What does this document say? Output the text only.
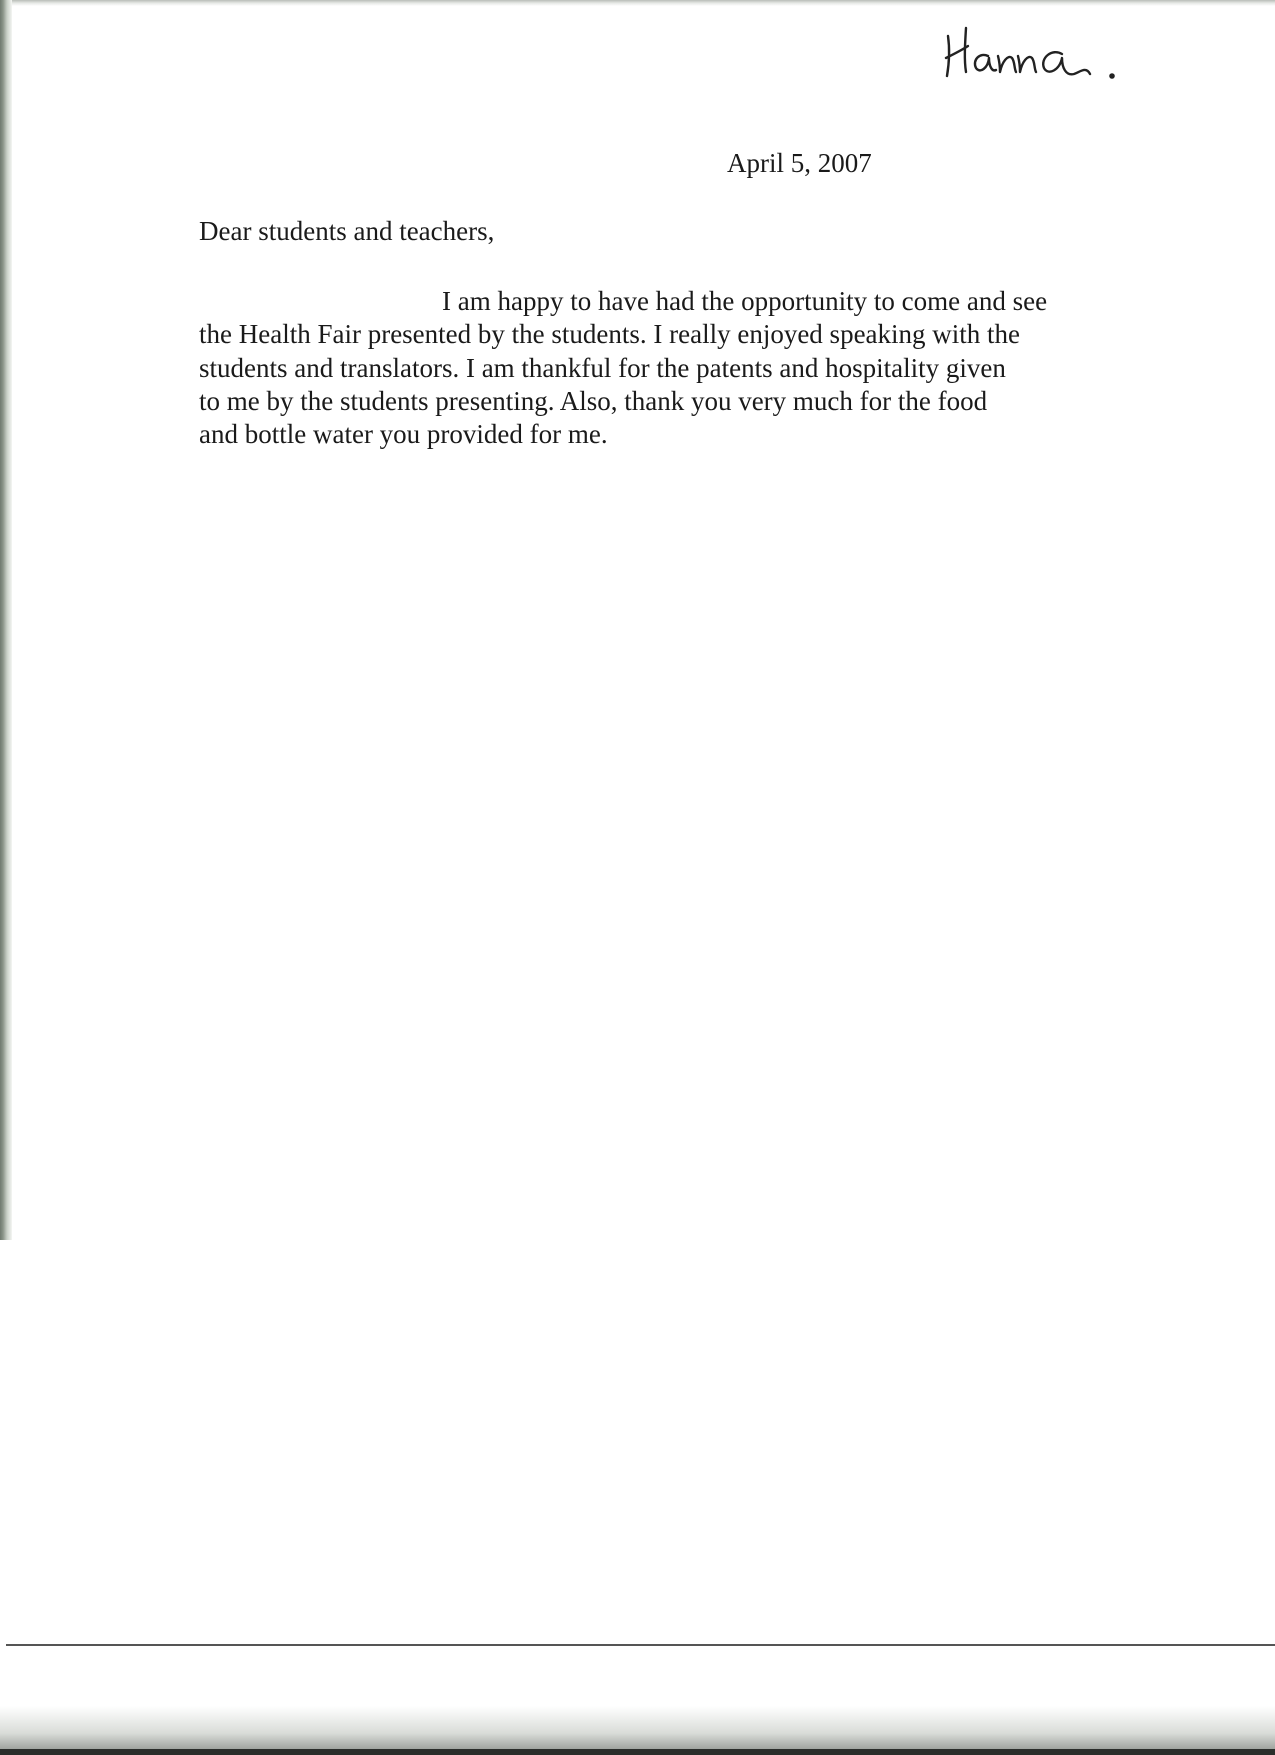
April 5, 2007
Dear students and teachers,
I am happy to have had the opportunity to come and see
the Health Fair presented by the students. I really enjoyed speaking with the
students and translators. I am thankful for the patents and hospitality given
to me by the students presenting. Also, thank you very much for the food
and bottle water you provided for me.
